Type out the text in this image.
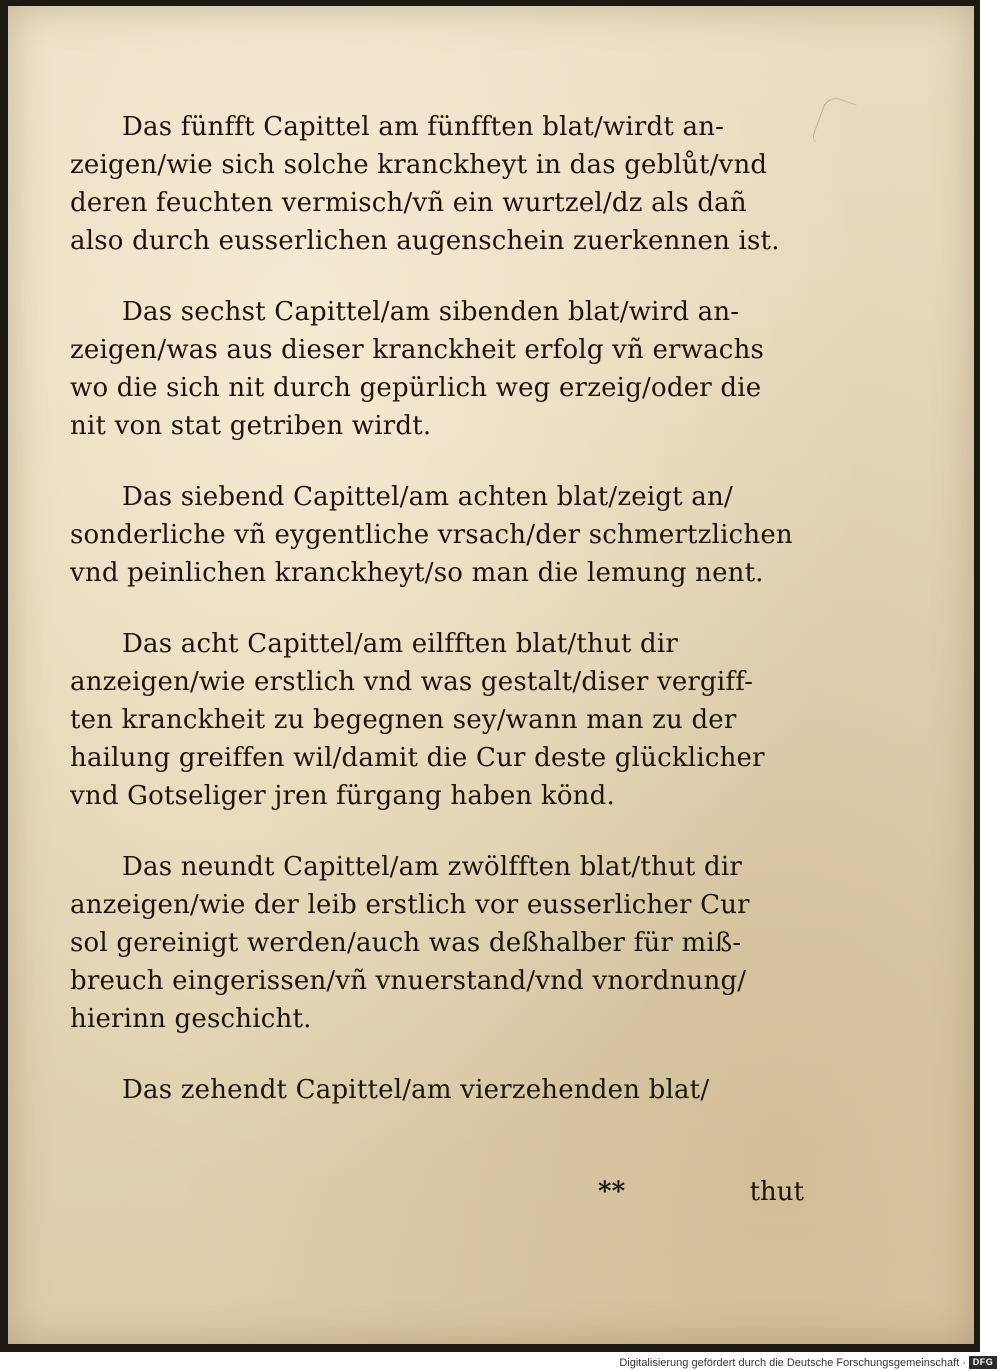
Das fünfft Capittel am fünfften blat/wirdt an-
zeigen/wie sich solche kranckheyt in das geblůt/vnd
deren feuchten vermisch/vñ ein wurtzel/dz als dañ
also durch eusserlichen augenschein zuerkennen ist.
Das sechst Capittel/am sibenden blat/wird an-
zeigen/was aus dieser kranckheit erfolg vñ erwachs
wo die sich nit durch gepürlich weg erzeig/oder die
nit von stat getriben wirdt.
Das siebend Capittel/am achten blat/zeigt an/
sonderliche vñ eygentliche vrsach/der schmertzlichen
vnd peinlichen kranckheyt/so man die lemung nent.
Das acht Capittel/am eilfften blat/thut dir
anzeigen/wie erstlich vnd was gestalt/diser vergiff-
ten kranckheit zu begegnen sey/wann man zu der
hailung greiffen wil/damit die Cur deste glücklicher
vnd Gotseliger jren fürgang haben könd.
Das neundt Capittel/am zwölfften blat/thut dir
anzeigen/wie der leib erstlich vor eusserlicher Cur
sol gereinigt werden/auch was deßhalber für miß-
breuch eingerissen/vñ vnuerstand/vnd vnordnung/
hierinn geschicht.
Das zehendt Capittel/am vierzehenden blat/
**	thut
Digitalisierung gefördert durch die Deutsche Forschungsgemeinschaft · DFG
